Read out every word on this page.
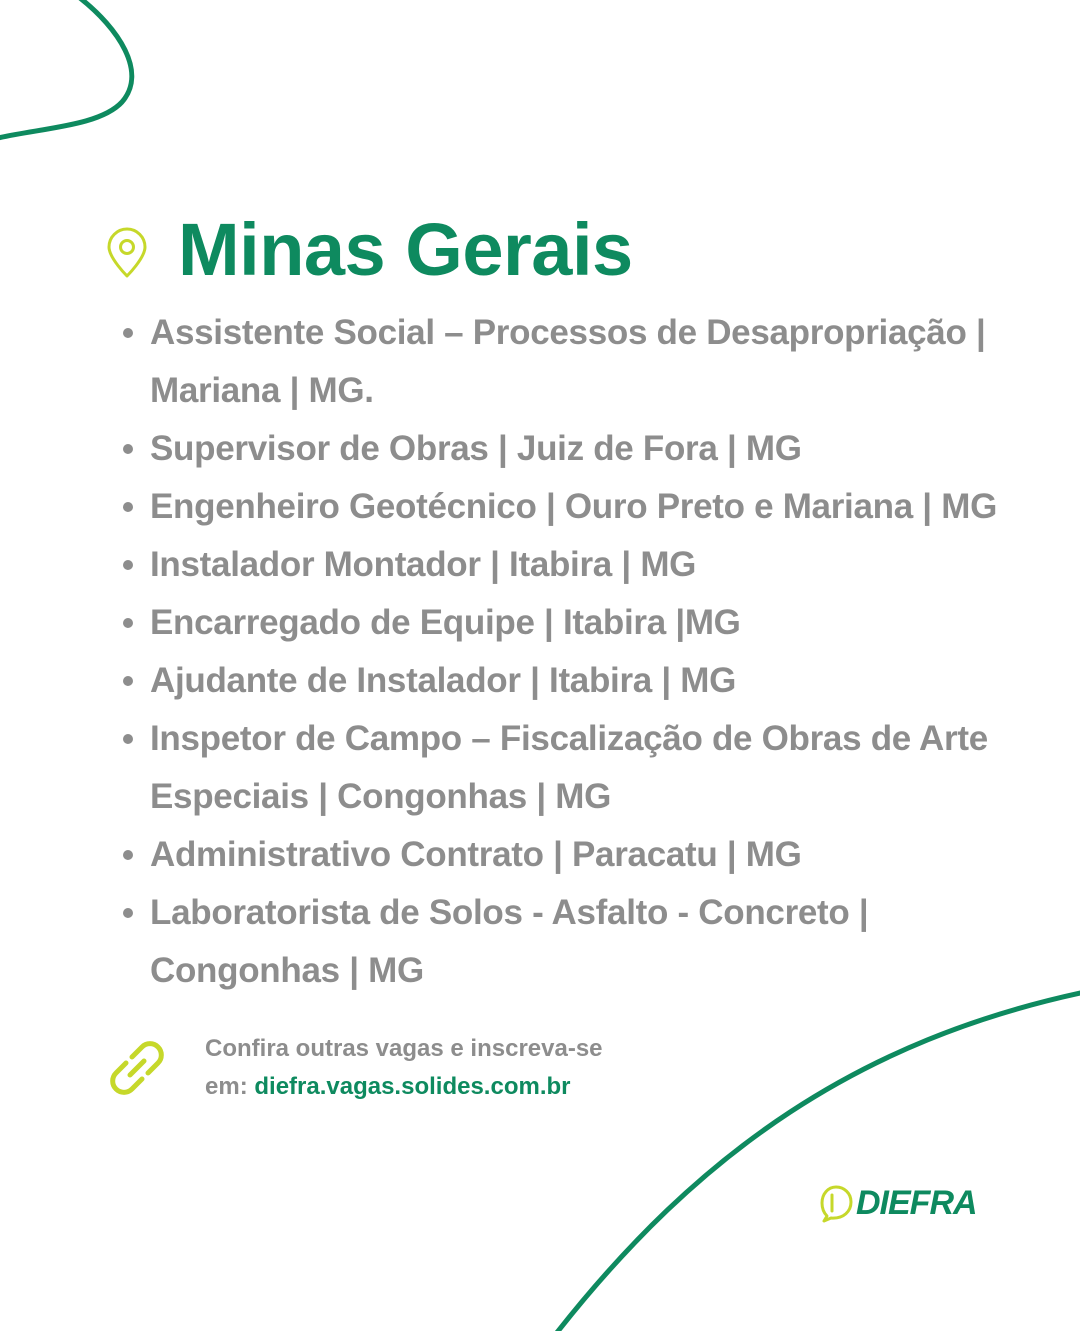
Minas Gerais
Assistente Social – Processos de Desapropriação | Mariana | MG.
Supervisor de Obras | Juiz de Fora | MG
Engenheiro Geotécnico | Ouro Preto e Mariana | MG
Instalador Montador | Itabira | MG
Encarregado de Equipe | Itabira |MG
Ajudante de Instalador | Itabira | MG
Inspetor de Campo – Fiscalização de Obras de Arte Especiais | Congonhas | MG
Administrativo Contrato | Paracatu | MG
Laboratorista de Solos - Asfalto - Concreto | Congonhas | MG
Confira outras vagas e inscreva-se
em: diefra.vagas.solides.com.br
DIEFRA
